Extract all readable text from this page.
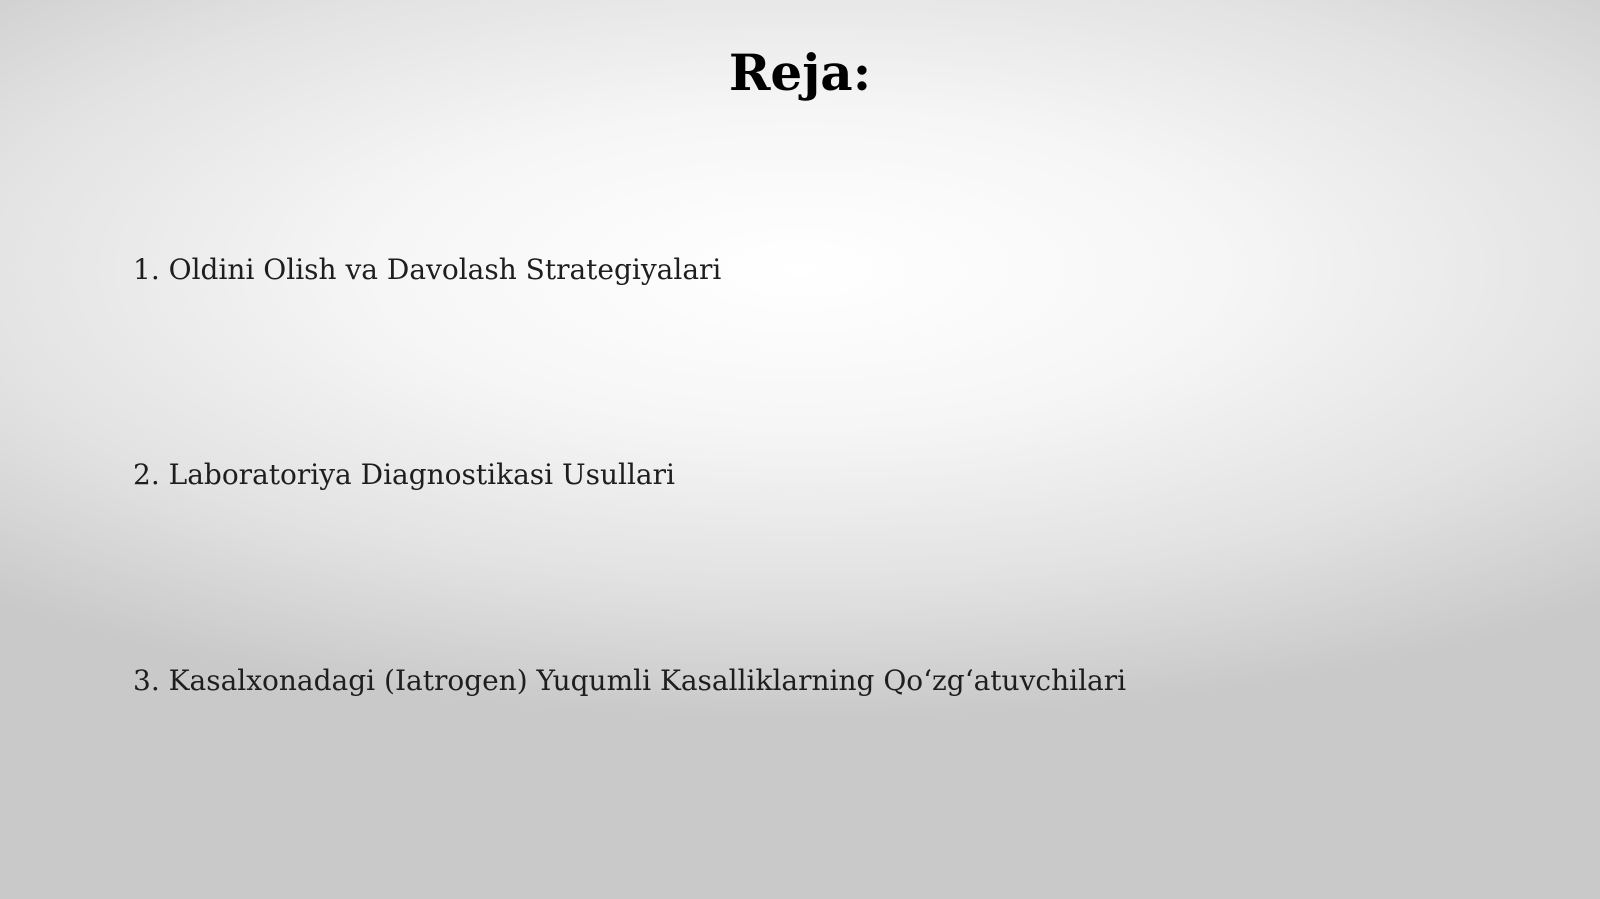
Reja:
1. Oldini Olish va Davolash Strategiyalari
2. Laboratoriya Diagnostikasi Usullari
3. Kasalxonadagi (Iatrogen) Yuqumli Kasalliklarning Qo‘zg‘atuvchilari
